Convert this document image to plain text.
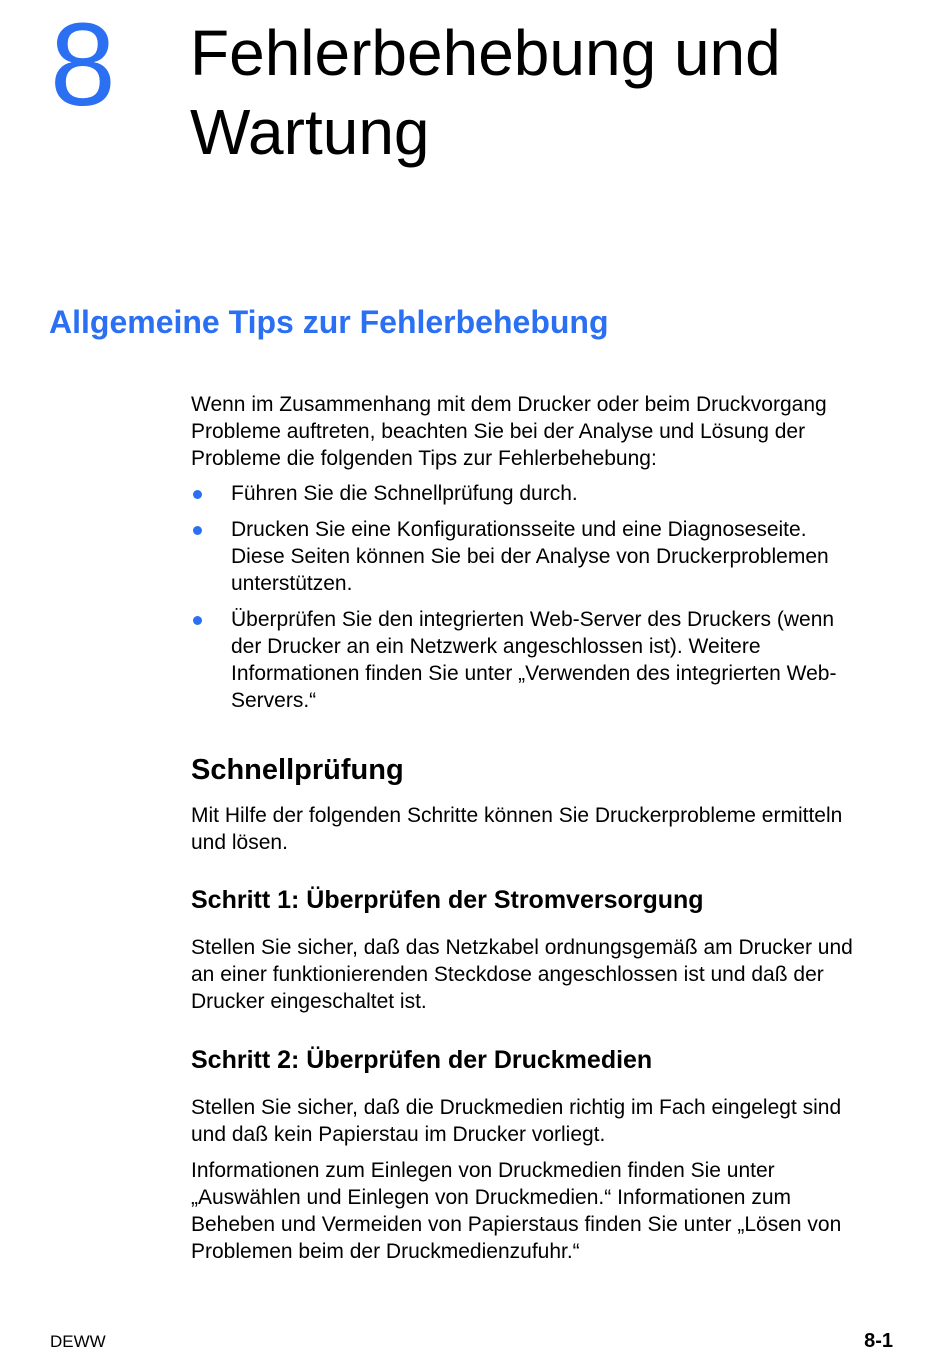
8 Fehlerbehebung und
Wartung
Allgemeine Tips zur Fehlerbehebung

Wenn im Zusammenhang mit dem Drucker oder beim Druckvorgang
Probleme auftreten, beachten Sie bei der Analyse und Lösung der
Probleme die folgenden Tips zur Fehlerbehebung:

Führen Sie die Schnellprüfung durch.
Drucken Sie eine Konfigurationsseite und eine Diagnoseseite.
Diese Seiten können Sie bei der Analyse von Druckerproblemen
unterstützen.
Überprüfen Sie den integrierten Web-Server des Druckers (wenn
der Drucker an ein Netzwerk angeschlossen ist). Weitere
Informationen finden Sie unter „Verwenden des integrierten Web-
Servers.“
Schnellprüfung

Mit Hilfe der folgenden Schritte können Sie Druckerprobleme ermitteln
und lösen.

Schritt 1: Überprüfen der Stromversorgung

Stellen Sie sicher, daß das Netzkabel ordnungsgemäß am Drucker und
an einer funktionierenden Steckdose angeschlossen ist und daß der
Drucker eingeschaltet ist.

Schritt 2: Überprüfen der Druckmedien

Stellen Sie sicher, daß die Druckmedien richtig im Fach eingelegt sind
und daß kein Papierstau im Drucker vorliegt.

Informationen zum Einlegen von Druckmedien finden Sie unter
„Auswählen und Einlegen von Druckmedien.“ Informationen zum
Beheben und Vermeiden von Papierstaus finden Sie unter „Lösen von
Problemen beim der Druckmedienzufuhr.“

DEWW	8-1
